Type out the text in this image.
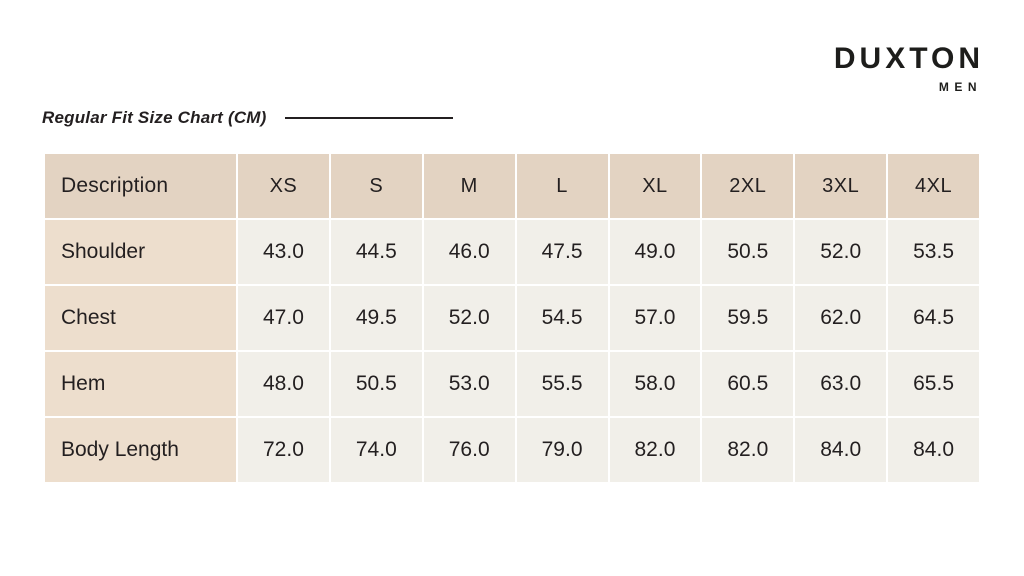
DUXTON
MEN
Regular Fit Size Chart (CM)
Description	XS	S	M	L	XL	2XL	3XL	4XL
Shoulder	43.0	44.5	46.0	47.5	49.0	50.5	52.0	53.5
Chest	47.0	49.5	52.0	54.5	57.0	59.5	62.0	64.5
Hem	48.0	50.5	53.0	55.5	58.0	60.5	63.0	65.5
Body Length	72.0	74.0	76.0	79.0	82.0	82.0	84.0	84.0
